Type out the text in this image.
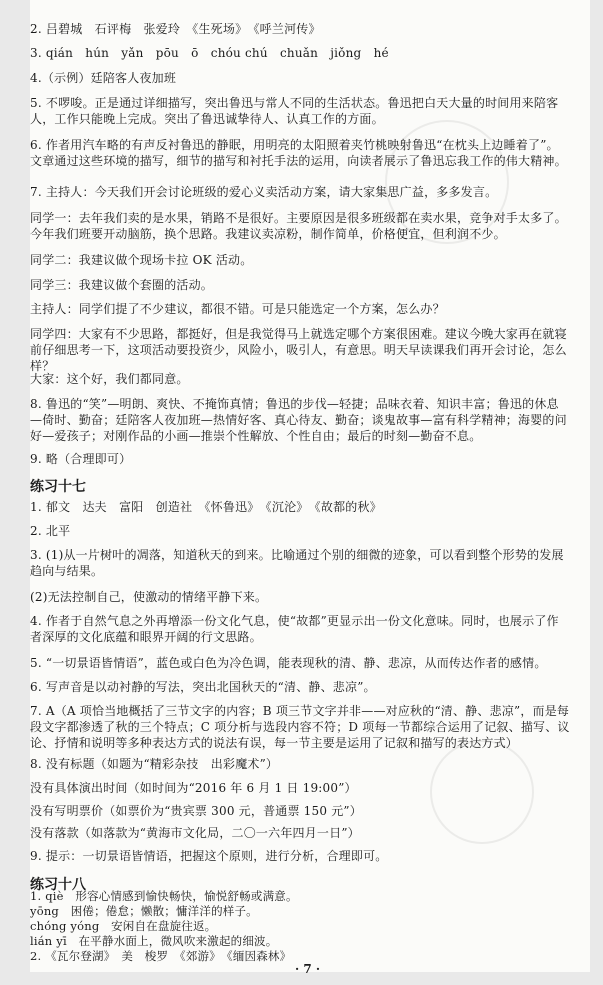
2. 吕碧城　石评梅　张爱玲　《生死场》　《呼兰河传》
3. qián　hún　yǎn　pōu　ō　chóu chú　chuǎn　jiǒng　hé
4.（示例）廷陪客人夜加班
5. 不啰唆。正是通过详细描写，突出鲁迅与常人不同的生活状态。鲁迅把白天大量的时间用来陪客人，工作只能晚上完成。突出了鲁迅诚挚待人、认真工作的方面。
6. 作者用汽车略的有声反衬鲁迅的静眠，用明亮的太阳照着夹竹桃映射鲁迅“在枕头上边睡着了”。文章通过这些环境的描写，细节的描写和衬托手法的运用，向读者展示了鲁迅忘我工作的伟大精神。
7. 主持人：今天我们开会讨论班级的爱心义卖活动方案，请大家集思广益，多多发言。
同学一：去年我们卖的是水果，销路不是很好。主要原因是很多班级都在卖水果，竞争对手太多了。今年我们班要开动脑筋，换个思路。我建议卖凉粉，制作简单，价格便宜，但利润不少。
同学二：我建议做个现场卡拉 OK 活动。
同学三：我建议做个套圈的活动。
主持人：同学们提了不少建议，都很不错。可是只能选定一个方案，怎么办？
同学四：大家有不少思路，都挺好，但是我觉得马上就选定哪个方案很困难。建议今晚大家再在就寝前仔细思考一下，这项活动要投资少，风险小，吸引人，有意思。明天早读课我们再开会讨论，怎么样？
大家：这个好，我们都同意。
8. 鲁迅的“笑”—明朗、爽快、不掩饰真情；鲁迅的步伐—轻捷；品味衣着、知识丰富；鲁迅的休息—倚时、勤奋；廷陪客人夜加班—热情好客、真心待友、勤奋；谈鬼故事—富有科学精神；海婴的问好—爱孩子；对刚作品的小画—推崇个性解放、个性自由；最后的时刻—勤奋不息。
9. 略（合理即可）
练习十七
1. 郁文　达夫　富阳　创造社　《怀鲁迅》　《沉沦》　《故都的秋》
2. 北平
3. (1)从一片树叶的凋落，知道秋天的到来。比喻通过个别的细微的迹象，可以看到整个形势的发展趋向与结果。
(2)无法控制自己，使激动的情绪平静下来。
4. 作者于自然气息之外再增添一份文化气息，使“故都”更显示出一份文化意味。同时，也展示了作者深厚的文化底蕴和眼界开阔的行文思路。
5. “一切景语皆情语”，蓝色或白色为冷色调，能表现秋的清、静、悲凉，从而传达作者的感情。
6. 写声音是以动衬静的写法，突出北国秋天的“清、静、悲凉”。
7. A（A 项恰当地概括了三节文字的内容；B 项三节文字并非——对应秋的“清、静、悲凉”，而是每段文字都渗透了秋的三个特点；C 项分析与选段内容不符；D 项每一节都综合运用了记叙、描写、议论、抒情和说明等多种表达方式的说法有误，每一节主要是运用了记叙和描写的表达方式）
8. 没有标题（如题为“精彩杂技　出彩魔术”）
没有具体演出时间（如时间为“2016 年 6 月 1 日 19:00”）
没有写明票价（如票价为“贵宾票 300 元，普通票 150 元”）
没有落款（如落款为“黄海市文化局，二〇一六年四月一日”）
9. 提示：一切景语皆情语，把握这个原则，进行分析，合理即可。
练习十八
1. qiè　形容心情感到愉快畅快，愉悦舒畅或满意。
yōng　困倦；倦怠；懒散；慵洋洋的样子。
chóng yóng　安闲自在盘旋往返。
lián yī　在平静水面上，微风吹来激起的细波。
2. 《瓦尔登湖》　美　梭罗　《郊游》　《缅因森林》
· 7 ·
